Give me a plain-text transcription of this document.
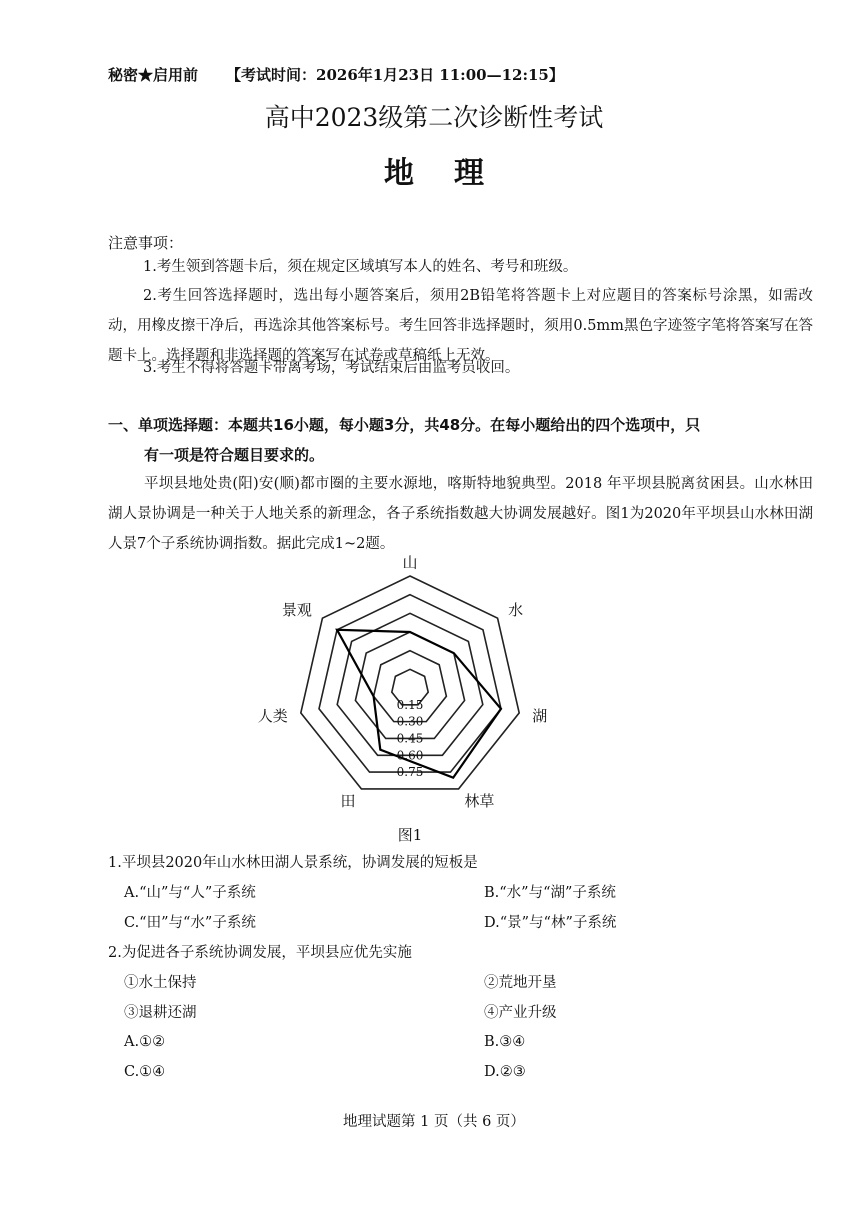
秘密★启用前 【考试时间：2026年1月23日 11:00—12:15】
高中2023级第二次诊断性考试
地理
注意事项：
1.考生领到答题卡后，须在规定区域填写本人的姓名、考号和班级。
2.考生回答选择题时，选出每小题答案后，须用2B铅笔将答题卡上对应题目的答案标号涂黑，如需改动，用橡皮擦干净后，再选涂其他答案标号。考生回答非选择题时，须用0.5mm黑色字迹签字笔将答案写在答题卡上。选择题和非选择题的答案写在试卷或草稿纸上无效。
3.考生不得将答题卡带离考场，考试结束后由监考员收回。
一、单项选择题：本题共16小题，每小题3分，共48分。在每小题给出的四个选项中，只
有一项是符合题目要求的。
平坝县地处贵(阳)安(顺)都市圈的主要水源地，喀斯特地貌典型。2018 年平坝县脱离贫困县。山水林田湖人景协调是一种关于人地关系的新理念，各子系统指数越大协调发展越好。图1为2020年平坝县山水林田湖人景7个子系统协调指数。据此完成1~2题。
0.15
0.30
0.45
0.60
0.75
山
水
湖
林草
田
人类
景观
图1
1.平坝县2020年山水林田湖人景系统，协调发展的短板是
A.“山”与“人”子系统	B.“水”与“湖”子系统
C.“田”与“水”子系统	D.“景”与“林”子系统
2.为促进各子系统协调发展，平坝县应优先实施
①水土保持	②荒地开垦
③退耕还湖	④产业升级
A.①②	B.③④
C.①④	D.②③
地理试题第 1 页（共 6 页）
